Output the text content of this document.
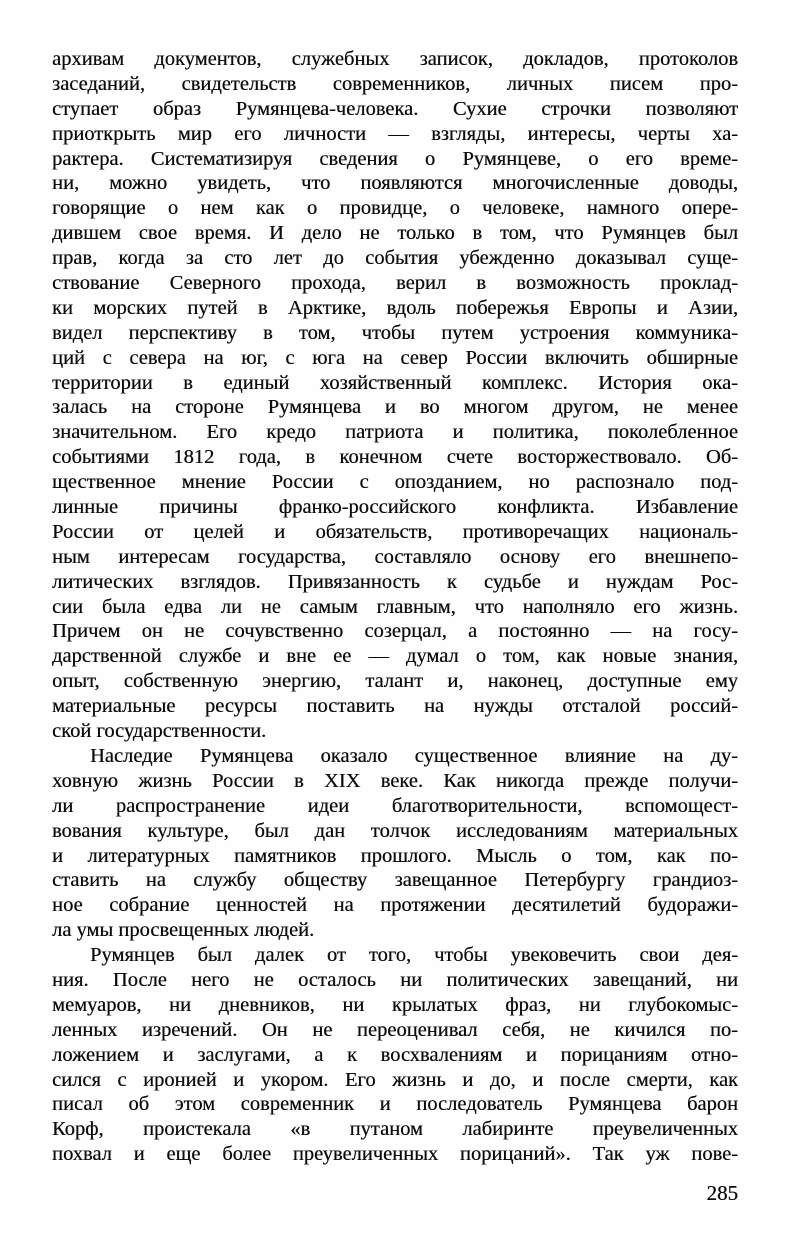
архивам документов, служебных записок, докладов, протоколов
заседаний, свидетельств современников, личных писем про-
ступает образ Румянцева-человека. Сухие строчки позволяют
приоткрыть мир его личности — взгляды, интересы, черты ха-
рактера. Систематизируя сведения о Румянцеве, о его време-
ни, можно увидеть, что появляются многочисленные доводы,
говорящие о нем как о провидце, о человеке, намного опере-
дившем свое время. И дело не только в том, что Румянцев был
прав, когда за сто лет до события убежденно доказывал суще-
ствование Северного прохода, верил в возможность проклад-
ки морских путей в Арктике, вдоль побережья Европы и Азии,
видел перспективу в том, чтобы путем устроения коммуника-
ций с севера на юг, с юга на север России включить обширные
территории в единый хозяйственный комплекс. История ока-
залась на стороне Румянцева и во многом другом, не менее
значительном. Его кредо патриота и политика, поколебленное
событиями 1812 года, в конечном счете восторжествовало. Об-
щественное мнение России с опозданием, но распознало под-
линные причины франко-российского конфликта. Избавление
России от целей и обязательств, противоречащих националь-
ным интересам государства, составляло основу его внешнепо-
литических взглядов. Привязанность к судьбе и нуждам Рос-
сии была едва ли не самым главным, что наполняло его жизнь.
Причем он не сочувственно созерцал, а постоянно — на госу-
дарственной службе и вне ее — думал о том, как новые знания,
опыт, собственную энергию, талант и, наконец, доступные ему
материальные ресурсы поставить на нужды отсталой россий-
ской государственности.
Наследие Румянцева оказало существенное влияние на ду-
ховную жизнь России в XIX веке. Как никогда прежде получи-
ли распространение идеи благотворительности, вспомощест-
вования культуре, был дан толчок исследованиям материальных
и литературных памятников прошлого. Мысль о том, как по-
ставить на службу обществу завещанное Петербургу грандиоз-
ное собрание ценностей на протяжении десятилетий будоражи-
ла умы просвещенных людей.
Румянцев был далек от того, чтобы увековечить свои дея-
ния. После него не осталось ни политических завещаний, ни
мемуаров, ни дневников, ни крылатых фраз, ни глубокомыс-
ленных изречений. Он не переоценивал себя, не кичился по-
ложением и заслугами, а к восхвалениям и порицаниям отно-
сился с иронией и укором. Его жизнь и до, и после смерти, как
писал об этом современник и последователь Румянцева барон
Корф, проистекала «в путаном лабиринте преувеличенных
похвал и еще более преувеличенных порицаний». Так уж пове-
285
